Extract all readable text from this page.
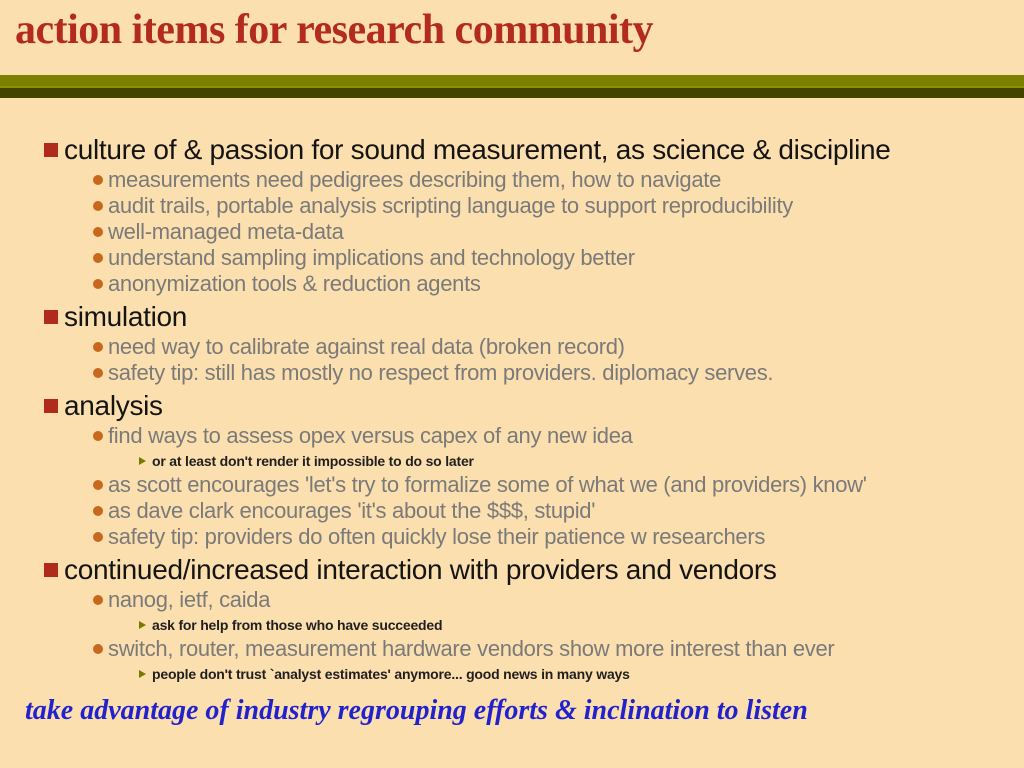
action items for research community
culture of & passion for sound measurement, as science & discipline
measurements need pedigrees describing them, how to navigate
audit trails, portable analysis scripting language to support reproducibility
well-managed meta-data
understand sampling implications and technology better
anonymization tools & reduction agents
simulation
need way to calibrate against real data (broken record)
safety tip: still has mostly no respect from providers. diplomacy serves.
analysis
find ways to assess opex versus capex of any new idea
or at least don't render it impossible to do so later
as scott encourages 'let's try to formalize some of what we (and providers) know'
as dave clark encourages 'it's about the $$$, stupid'
safety tip: providers do often quickly lose their patience w researchers
continued/increased interaction with providers and vendors
nanog, ietf, caida
ask for help from those who have succeeded
switch, router, measurement hardware vendors show more interest than ever
people don't trust `analyst estimates' anymore... good news in many ways
take advantage of industry regrouping efforts & inclination to listen
